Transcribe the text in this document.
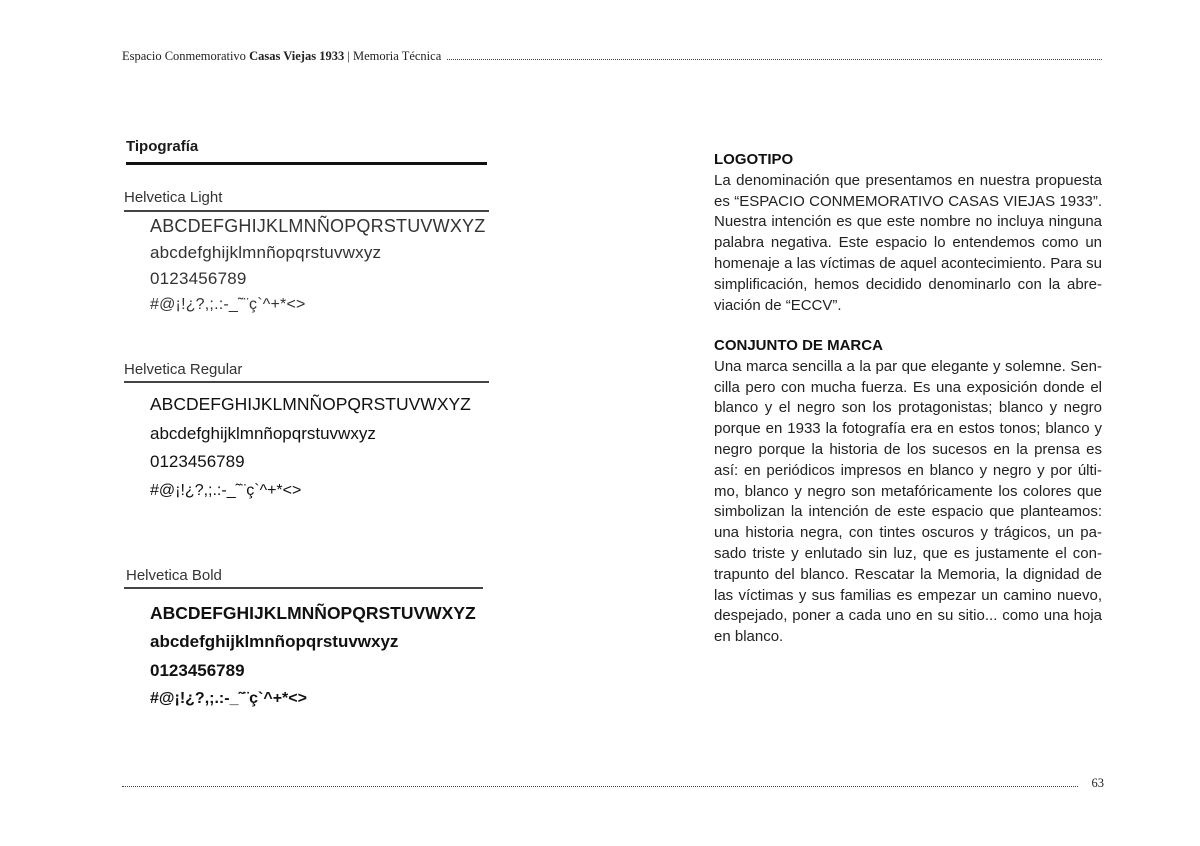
Espacio Conmemorativo Casas Viejas 1933 | Memoria Técnica
Tipografía
Helvetica Light
ABCDEFGHIJKLMNÑOPQRSTUVWXYZ
abcdefghijklmnñopqrstuvwxyz
0123456789
#@¡!¿?,;.:-_˜¨ç`^+*<>
Helvetica Regular
ABCDEFGHIJKLMNÑOPQRSTUVWXYZ
abcdefghijklmnñopqrstuvwxyz
0123456789
#@¡!¿?,;.:-_˜¨ç`^+*<>
Helvetica Bold
ABCDEFGHIJKLMNÑOPQRSTUVWXYZ
abcdefghijklmnñopqrstuvwxyz
0123456789
#@¡!¿?,;.:-_˜¨ç`^+*<>
LOGOTIPO

La denominación que presentamos en nuestra propuesta es “ESPACIO CONMEMORATIVO CASAS VIEJAS 1933”. Nuestra intención es que este nombre no incluya ninguna palabra negativa. Este espacio lo entendemos como un homenaje a las víctimas de aquel acontecimiento. Para su simplificación, hemos decidido denominarlo con la abreviación de “ECCV”.

CONJUNTO DE MARCA

Una marca sencilla a la par que elegante y solemne. Sencilla pero con mucha fuerza. Es una exposición donde el blanco y el negro son los protagonistas; blanco y negro porque en 1933 la fotografía era en estos tonos; blanco y negro porque la historia de los sucesos en la prensa es así: en periódicos impresos en blanco y negro y por último, blanco y negro son metafóricamente los colores que simbolizan la intención de este espacio que planteamos: una historia negra, con tintes oscuros y trágicos, un pasado triste y enlutado sin luz, que es justamente el contrapunto del blanco. Rescatar la Memoria, la dignidad de las víctimas y sus familias es empezar un camino nuevo, despejado, poner a cada uno en su sitio... como una hoja en blanco.

63
